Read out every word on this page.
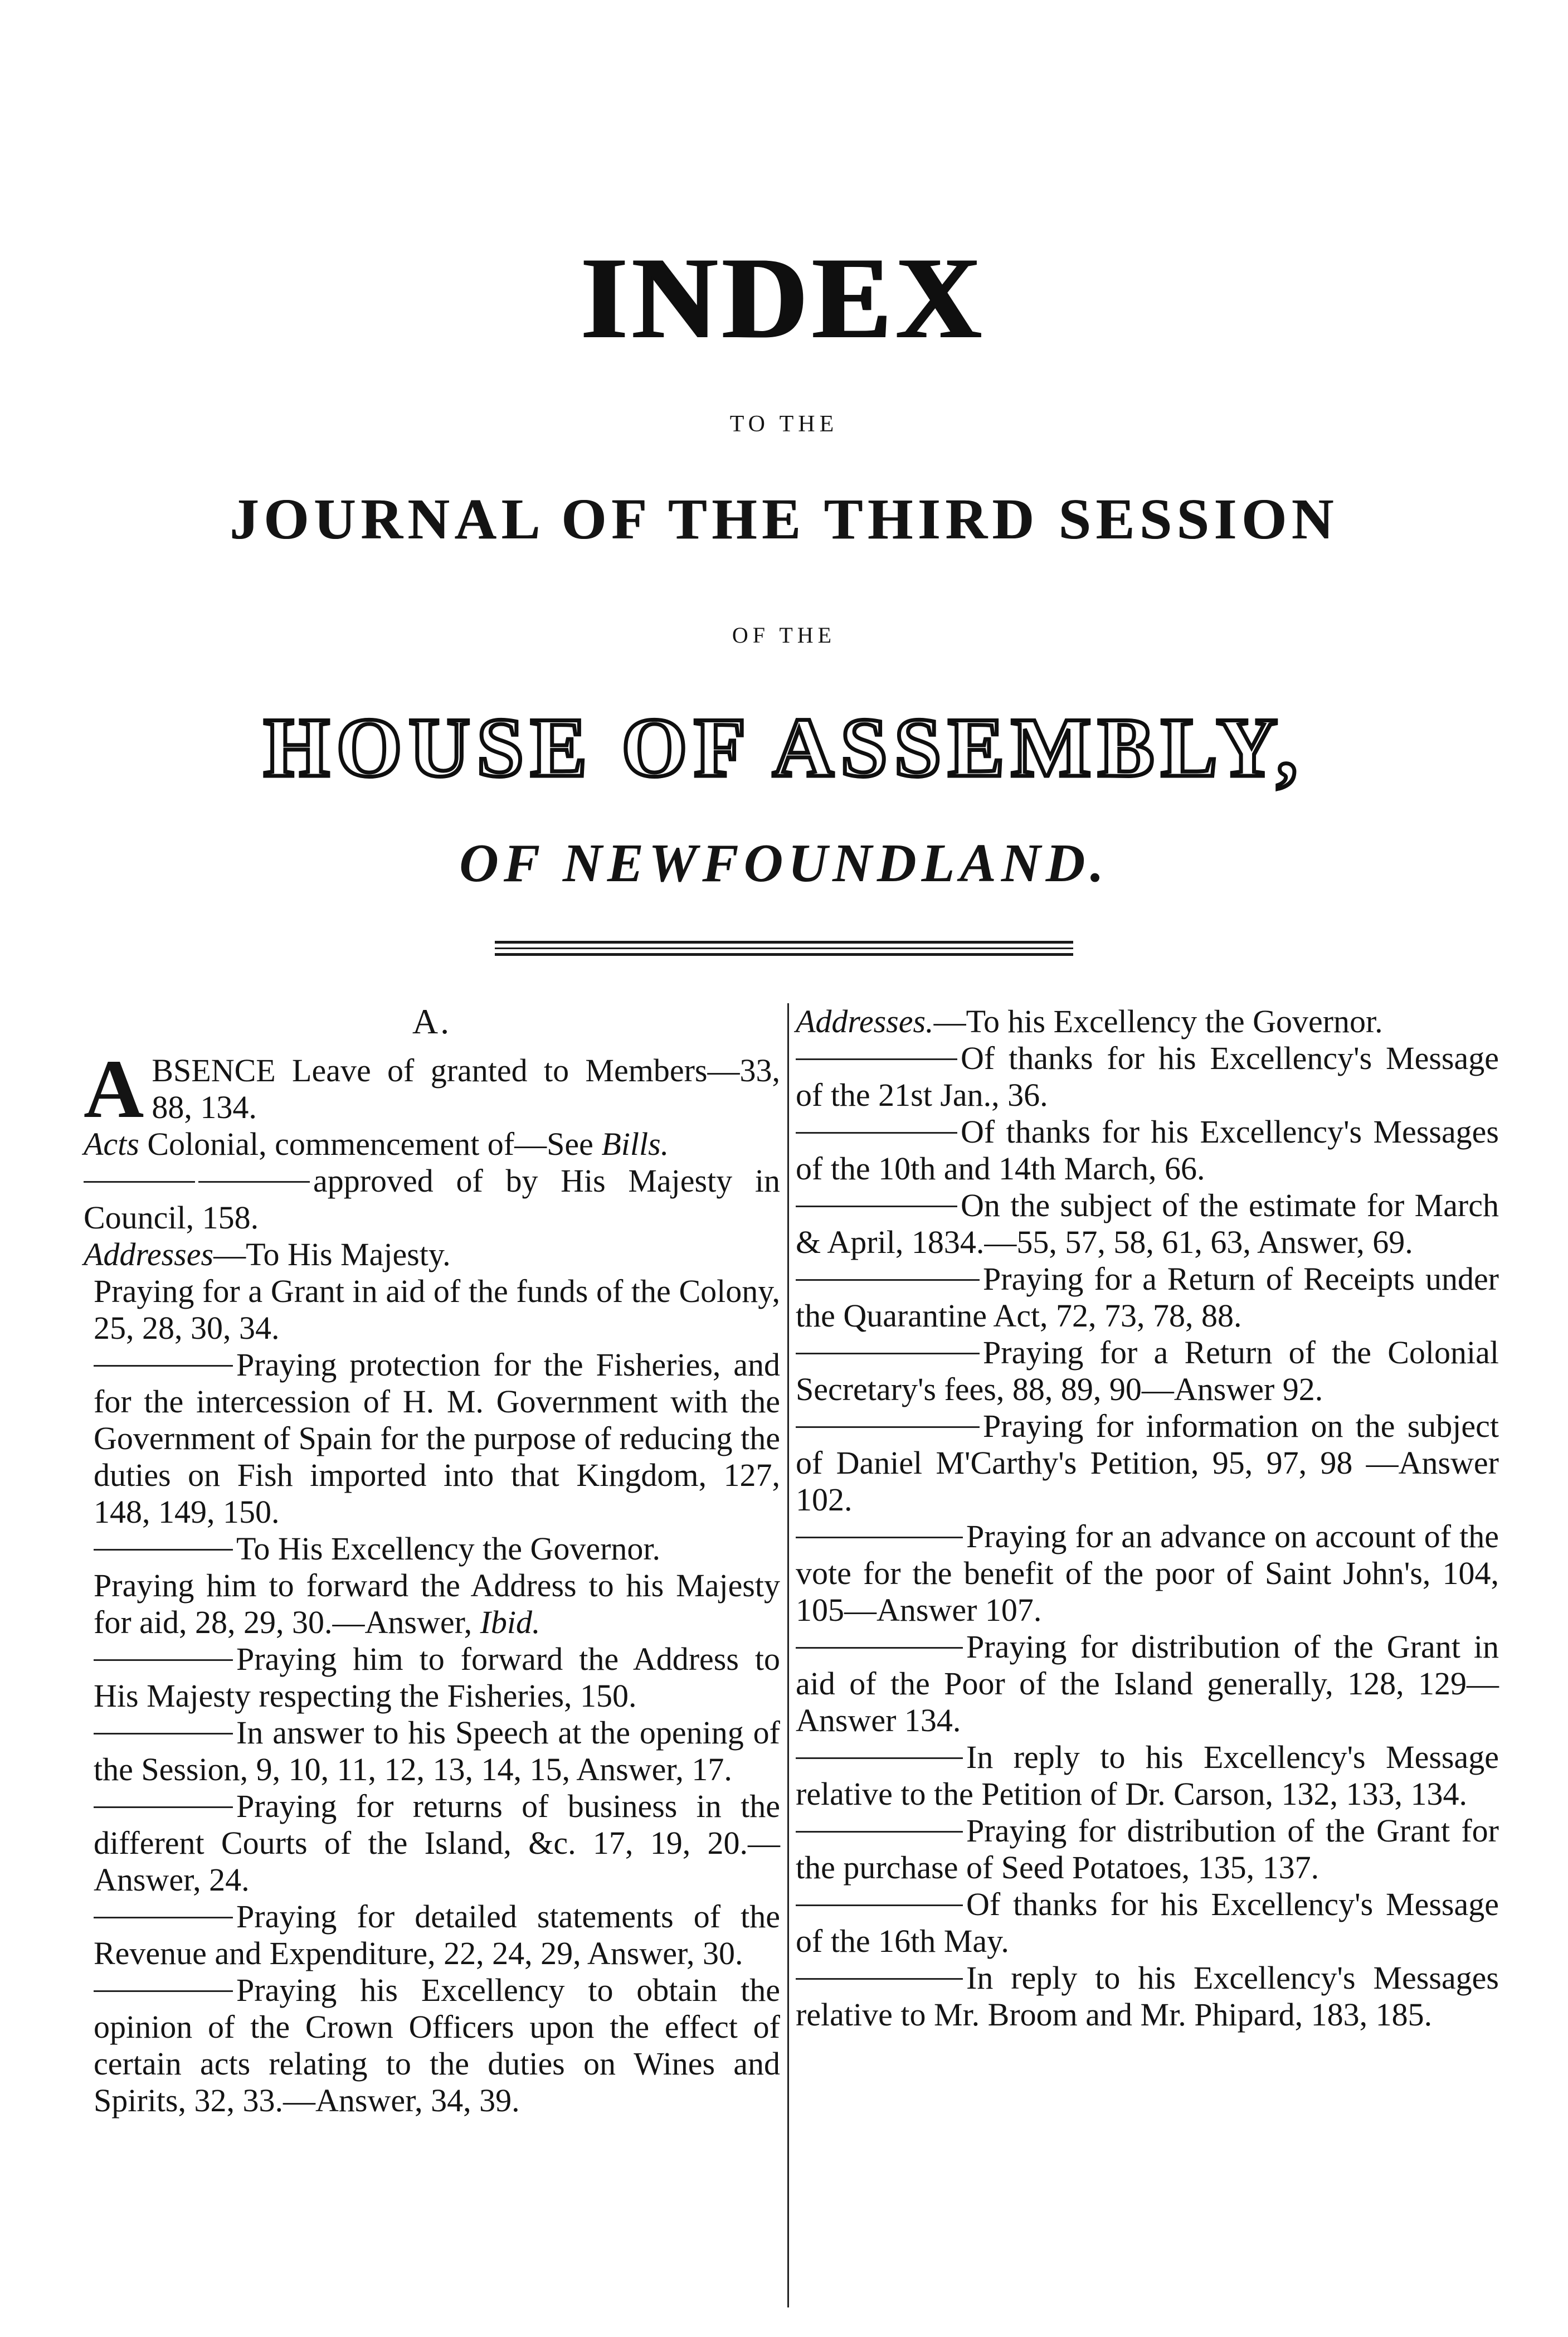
INDEX
TO THE
JOURNAL OF THE THIRD SESSION
OF THE
HOUSE OF ASSEMBLY,
OF NEWFOUNDLAND.
A.
ABSENCE Leave of granted to Members—33, 88, 134.
Acts Colonial, commencement of—See Bills.
approved of by His Majesty in Council, 158.
Addresses—To His Majesty.
Praying for a Grant in aid of the funds of the Colony, 25, 28, 30, 34.
Praying protection for the Fisheries, and for the intercession of H. M. Government with the Government of Spain for the purpose of reducing the duties on Fish imported into that Kingdom, 127, 148, 149, 150.
To His Excellency the Governor.
Praying him to forward the Address to his Majesty for aid, 28, 29, 30.—Answer, Ibid.
Praying him to forward the Address to His Majesty respecting the Fisheries, 150.
In answer to his Speech at the opening of the Session, 9, 10, 11, 12, 13, 14, 15, Answer, 17.
Praying for returns of business in the different Courts of the Island, &c. 17, 19, 20.—Answer, 24.
Praying for detailed statements of the Revenue and Expenditure, 22, 24, 29, Answer, 30.
Praying his Excellency to obtain the opinion of the Crown Officers upon the effect of certain acts relating to the duties on Wines and Spirits, 32, 33.—Answer, 34, 39.
Addresses.—To his Excellency the Governor.
Of thanks for his Excellency's Message of the 21st Jan., 36.
Of thanks for his Excellency's Messages of the 10th and 14th March, 66.
On the subject of the estimate for March & April, 1834.—55, 57, 58, 61, 63, Answer, 69.
Praying for a Return of Receipts under the Quarantine Act, 72, 73, 78, 88.
Praying for a Return of the Colonial Secretary's fees, 88, 89, 90—Answer 92.
Praying for information on the subject of Daniel M'Carthy's Petition, 95, 97, 98 —Answer 102.
Praying for an advance on account of the vote for the benefit of the poor of Saint John's, 104, 105—Answer 107.
Praying for distribution of the Grant in aid of the Poor of the Island generally, 128, 129—Answer 134.
In reply to his Excellency's Message relative to the Petition of Dr. Carson, 132, 133, 134.
Praying for distribution of the Grant for the purchase of Seed Potatoes, 135, 137.
Of thanks for his Excellency's Message of the 16th May.
In reply to his Excellency's Messages relative to Mr. Broom and Mr. Phipard, 183, 185.
